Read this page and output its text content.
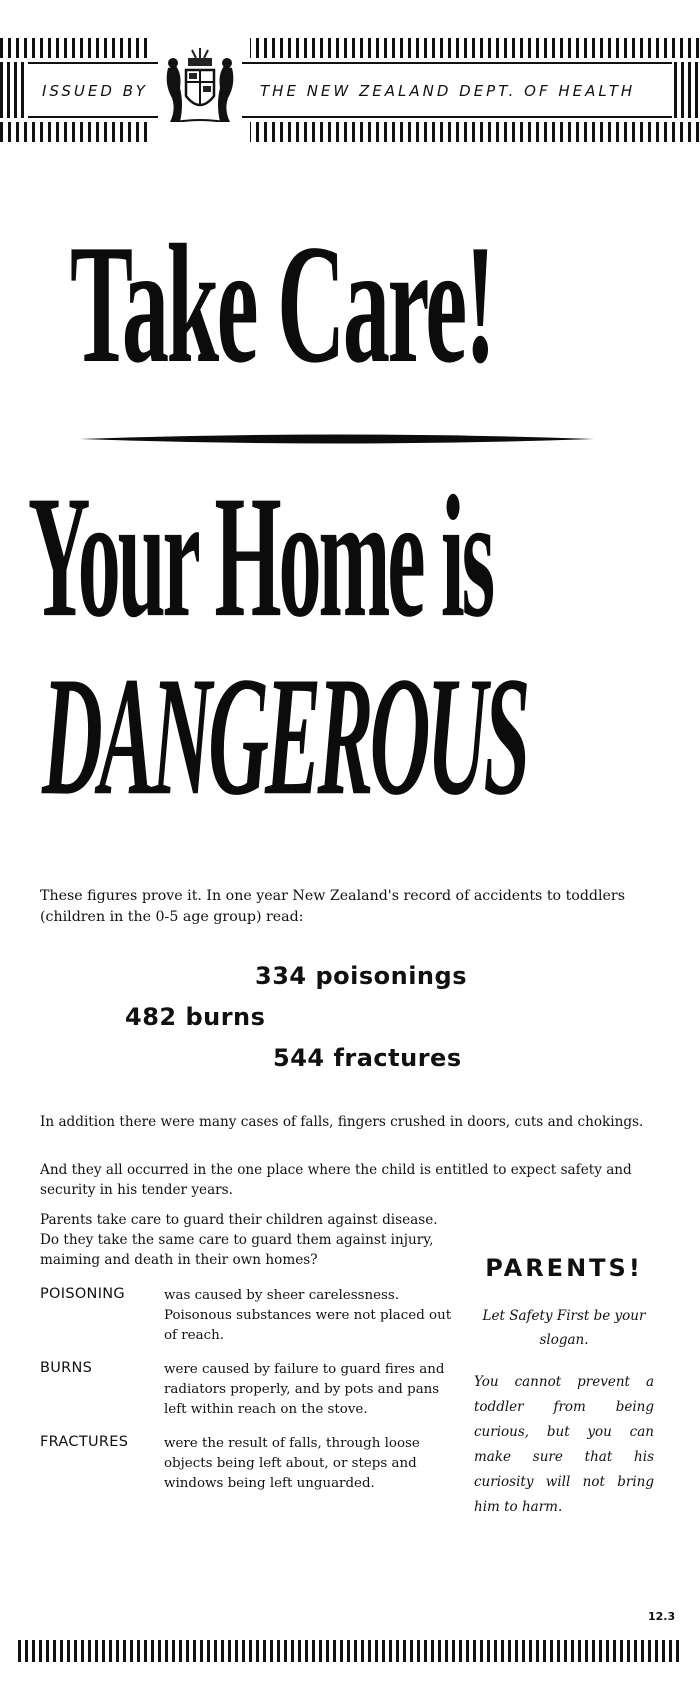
ISSUED BY	THE NEW ZEALAND DEPT. OF HEALTH
Take Care!
Your Home is
DANGEROUS
These figures prove it. In one year New Zealand's record of accidents to toddlers (children in the 0-5 age group) read:
334 poisonings
482 burns
544 fractures
In addition there were many cases of falls, fingers crushed in doors, cuts and chokings.
And they all occurred in the one place where the child is entitled to expect safety and security in his tender years.
Parents take care to guard their children against disease. Do they take the same care to guard them against injury, maiming and death in their own homes?
POISONING	was caused by sheer carelessness. Poisonous substances were not placed out of reach.
BURNS	were caused by failure to guard fires and radiators properly, and by pots and pans left within reach on the stove.
FRACTURES	were the result of falls, through loose objects being left about, or steps and windows being left unguarded.
PARENTS!
Let Safety First be your slogan.
You cannot prevent a toddler from being curious, but you can make sure that his curiosity will not bring him to harm.
12.3
